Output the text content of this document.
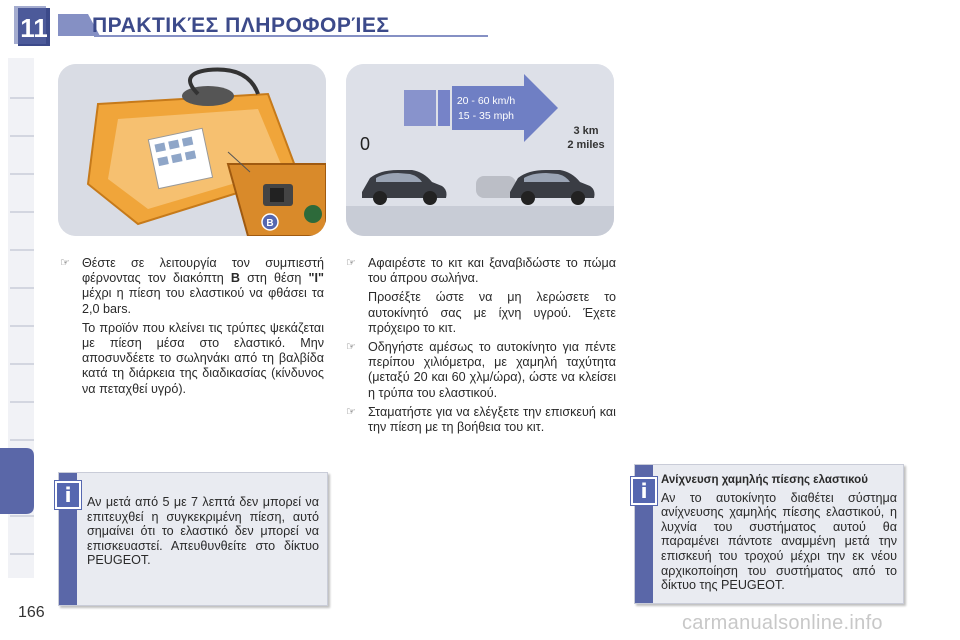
11 ΠΡΑΚΤΙΚΈΣ ΠΛΗΡΟΦΟΡΊΕΣ
B
20 - 60 km/h
15 - 35 mph
0
3 km
2 miles

☞ Θέστε σε λειτουργία τον συμπιεστή φέρνοντας τον διακόπτη B στη θέση "I" μέχρι η πίεση του ελαστικού να φθάσει τα 2,0 bars.

Το προϊόν που κλείνει τις τρύπες ψεκάζεται με πίεση μέσα στο ελαστικό. Μην αποσυνδέετε το σωληνάκι από τη βαλβίδα κατά τη διάρκεια της διαδικασίας (κίνδυνος να πεταχθεί υγρό).

☞ Αφαιρέστε το κιτ και ξαναβιδώστε το πώμα του άπρου σωλήνα.

Προσέξτε ώστε να μη λερώσετε το αυτοκίνητό σας με ίχνη υγρού. Έχετε πρόχειρο το κιτ.

☞ Οδηγήστε αμέσως το αυτοκίνητο για πέντε περίπου χιλιόμετρα, με χαμηλή ταχύτητα (μεταξύ 20 και 60 χλμ/ώρα), ώστε να κλείσει η τρύπα του ελαστικού.

☞ Σταματήστε για να ελέγξετε την επισκευή και την πίεση με τη βοήθεια του κιτ.

i	Αν μετά από 5 με 7 λεπτά δεν μπορεί να επιτευχθεί η συγκεκριμένη πίεση, αυτό σημαίνει ότι το ελαστικό δεν μπορεί να επισκευαστεί. Απευθυνθείτε στο δίκτυο PEUGEOT.
i	Ανίχνευση χαμηλής πίεσης ελαστικού
Αν το αυτοκίνητο διαθέτει σύστημα ανίχνευσης χαμηλής πίεσης ελαστικού, η λυχνία του συστήματος αυτού θα παραμένει πάντοτε αναμμένη μετά την επισκευή του τροχού μέχρι την εκ νέου αρχικοποίηση του συστήματος από το δίκτυο της PEUGEOT.
166	carmanualsonline.info
